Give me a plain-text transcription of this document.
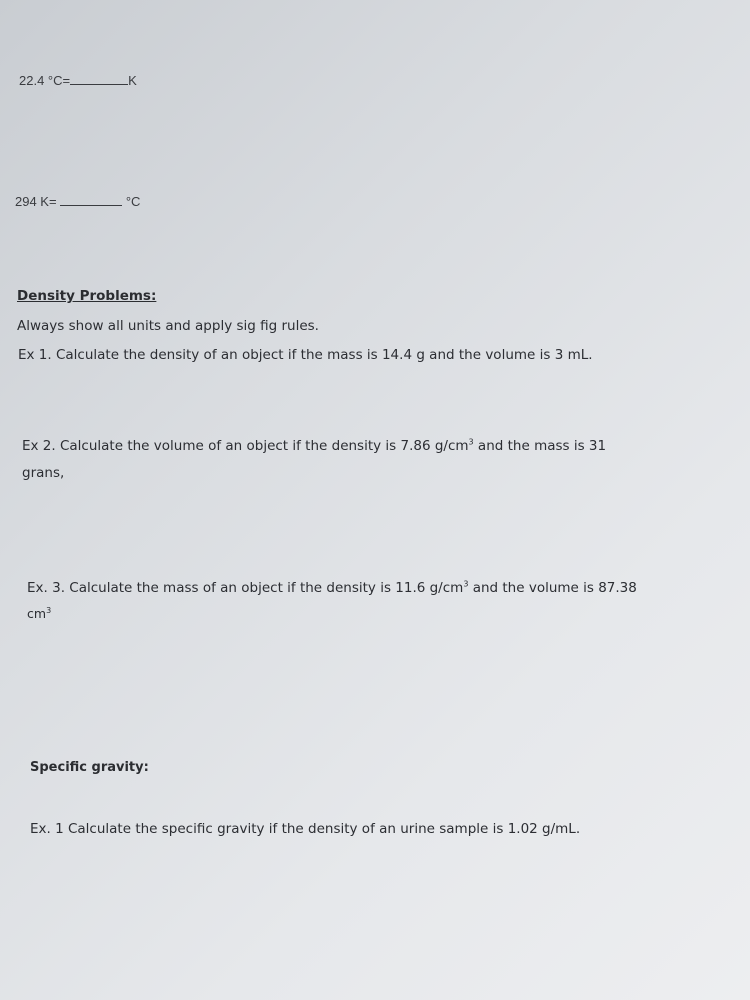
22.4 °C=	K
294 K=	°C
Density Problems:
Always show all units and apply sig fig rules.
Ex 1. Calculate the density of an object if the mass is 14.4 g and the volume is 3 mL.
Ex 2. Calculate the volume of an object if the density is 7.86 $g/cm^3$ and the mass is 31
grans,
Ex. 3. Calculate the mass of an object if the density is 11.6 $g/cm^3$ and the volume is 87.38
$cm^3$
Specific gravity:
Ex. 1 Calculate the specific gravity if the density of an urine sample is 1.02 g/mL.
